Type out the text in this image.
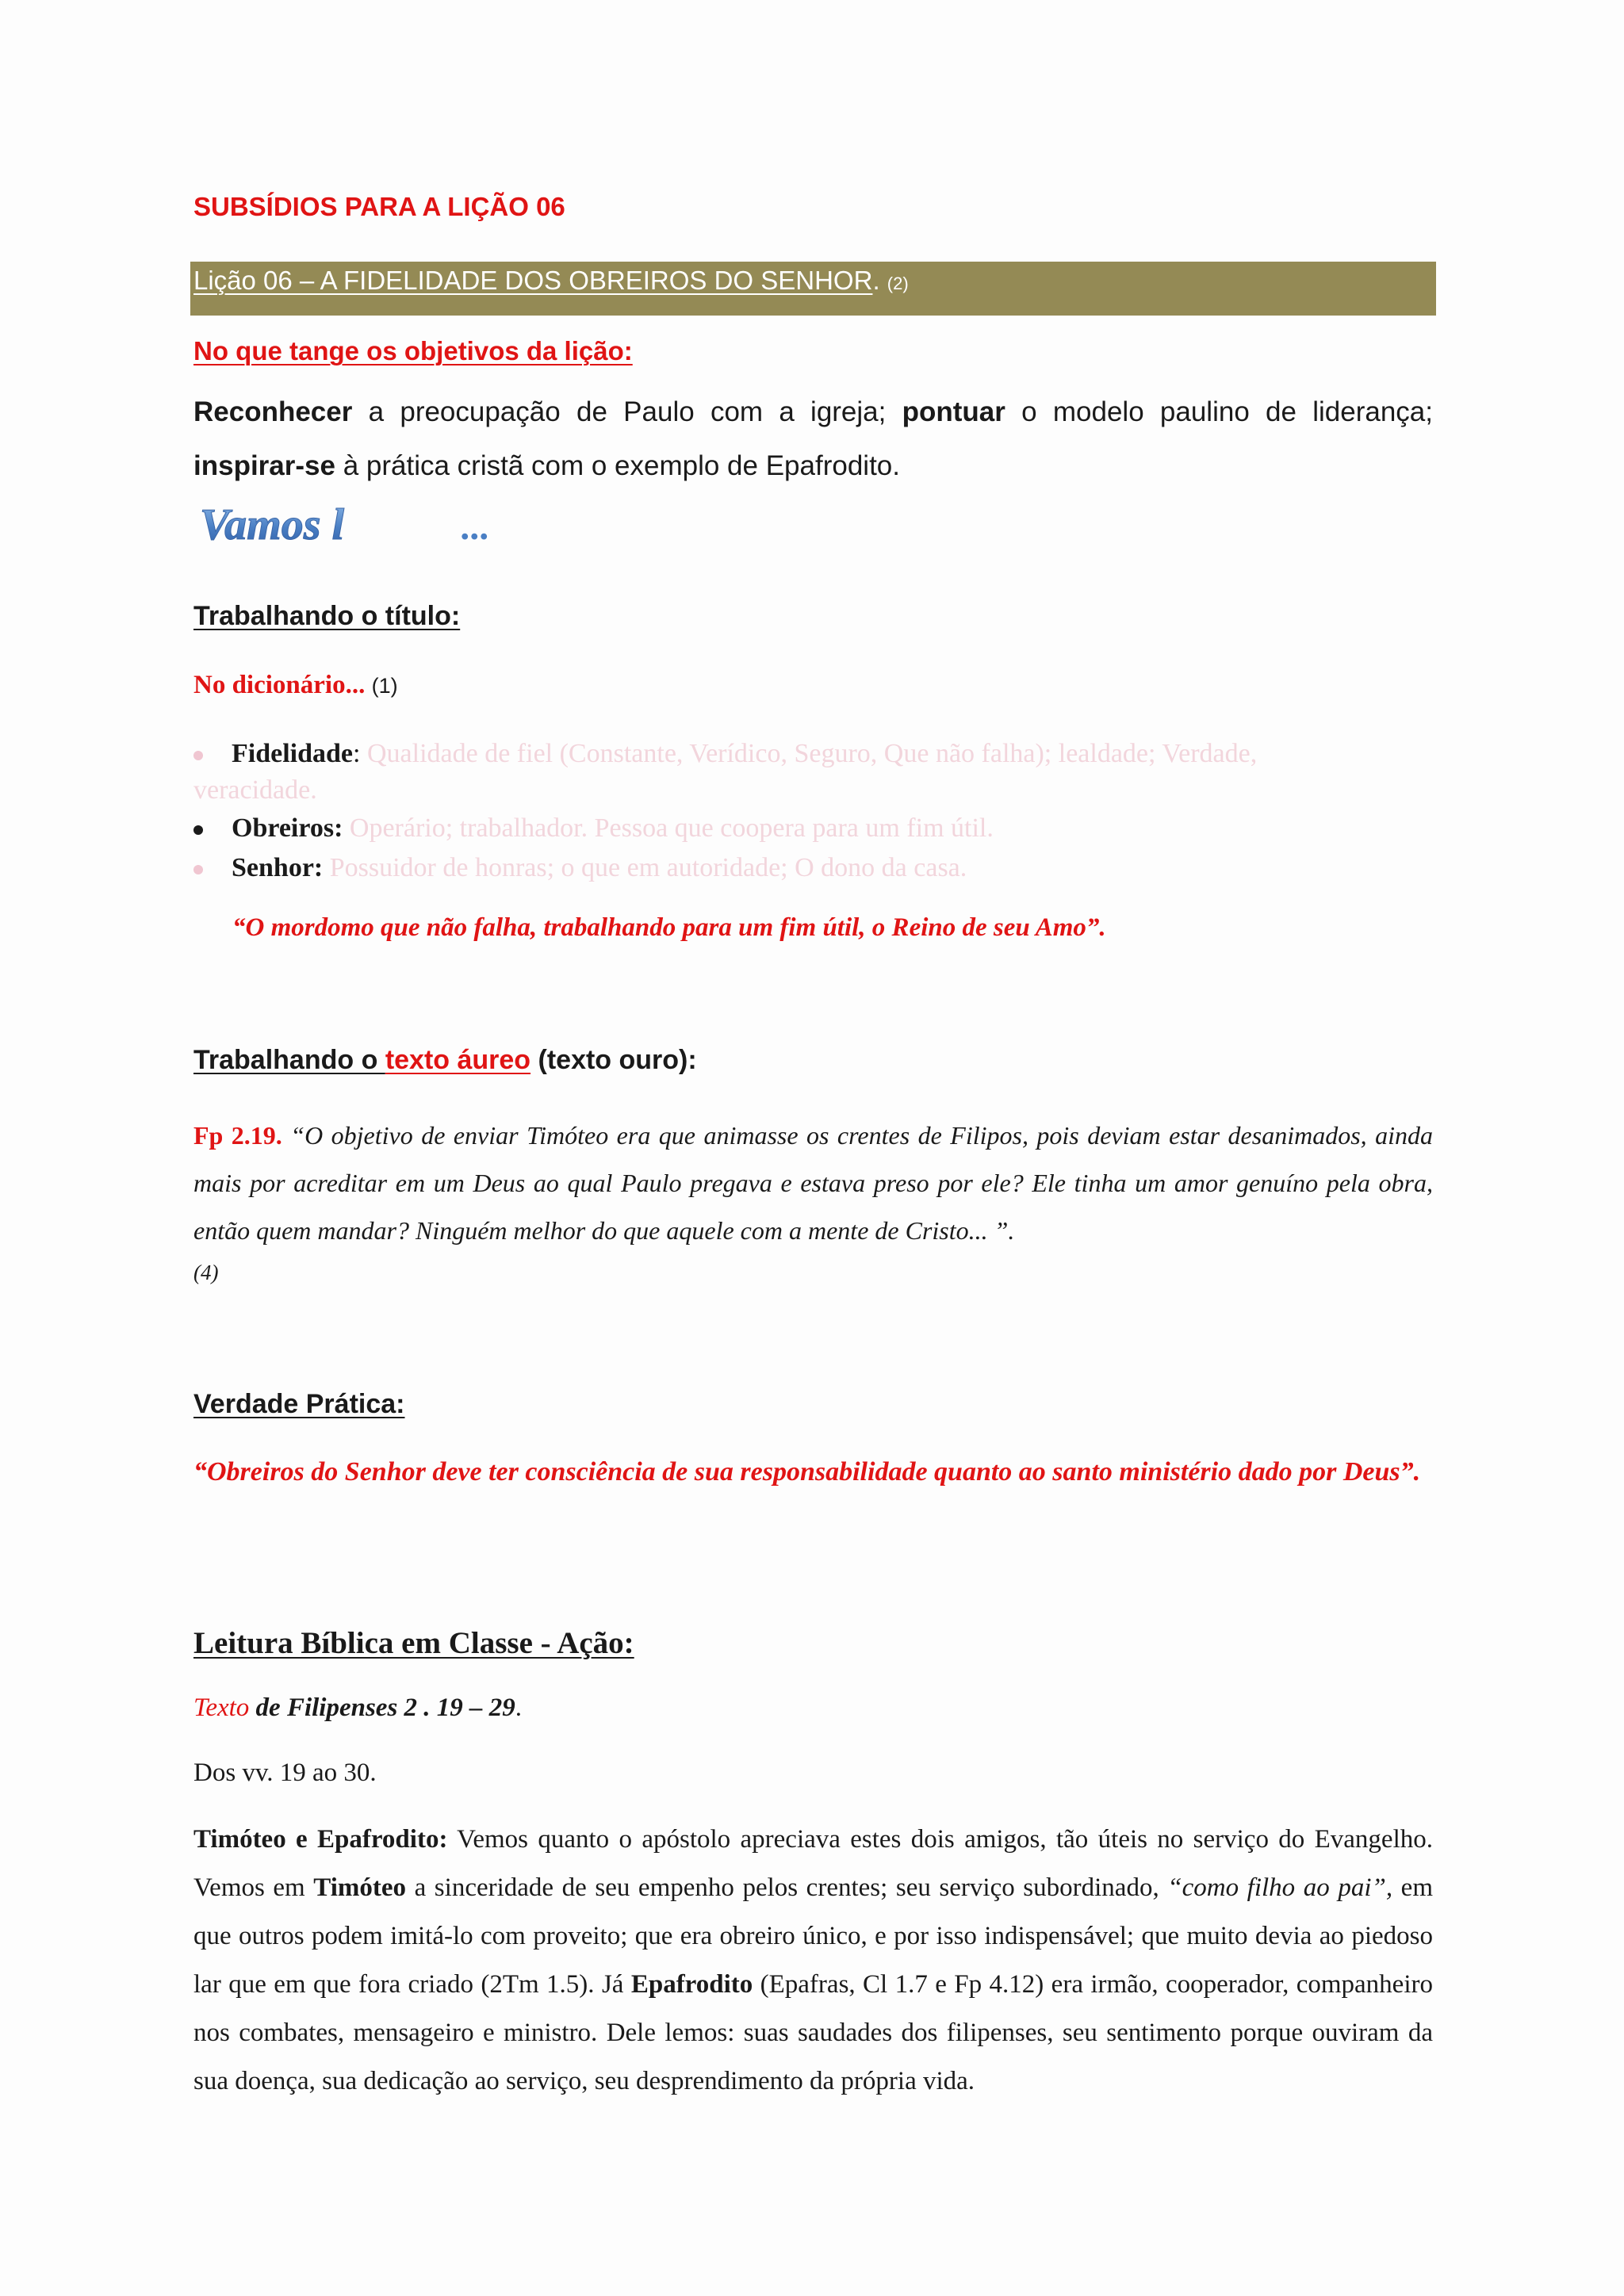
SUBSÍDIOS PARA A LIÇÃO 06
Lição 06 – A FIDELIDADE DOS OBREIROS DO SENHOR. (2)
No que tange os objetivos da lição:
Reconhecer a preocupação de Paulo com a igreja; pontuar o modelo paulino de liderança; inspirar-se à prática cristã com o exemplo de Epafrodito.
Vamos l	...
Trabalhando o título:
No dicionário... (1)
Fidelidade: Qualidade de fiel (Constante, Verídico, Seguro, Que não falha); lealdade; Verdade,
veracidade.
Obreiros: Operário; trabalhador. Pessoa que coopera para um fim útil.
Senhor: Possuidor de honras; o que em autoridade; O dono da casa.
“O mordomo que não falha, trabalhando para um fim útil, o Reino de seu Amo”.
Trabalhando o texto áureo (texto ouro):
Fp 2.19. “O objetivo de enviar Timóteo era que animasse os crentes de Filipos, pois deviam estar desanimados, ainda mais por acreditar em um Deus ao qual Paulo pregava e estava preso por ele? Ele tinha um amor genuíno pela obra, então quem mandar? Ninguém melhor do que aquele com a mente de Cristo... ”.
(4)
Verdade Prática:
“Obreiros do Senhor deve ter consciência de sua responsabilidade quanto ao santo ministério dado por Deus”.
Leitura Bíblica em Classe - Ação:
Texto de Filipenses 2 . 19 – 29.
Dos vv. 19 ao 30.
Timóteo e Epafrodito: Vemos quanto o apóstolo apreciava estes dois amigos, tão úteis no serviço do Evangelho. Vemos em Timóteo a sinceridade de seu empenho pelos crentes; seu serviço subordinado, “como filho ao pai”, em que outros podem imitá-lo com proveito; que era obreiro único, e por isso indispensável; que muito devia ao piedoso lar que em que fora criado (2Tm 1.5). Já Epafrodito (Epafras, Cl 1.7 e Fp 4.12) era irmão, cooperador, companheiro nos combates, mensageiro e ministro. Dele lemos: suas saudades dos filipenses, seu sentimento porque ouviram da sua doença, sua dedicação ao serviço, seu desprendimento da própria vida.
